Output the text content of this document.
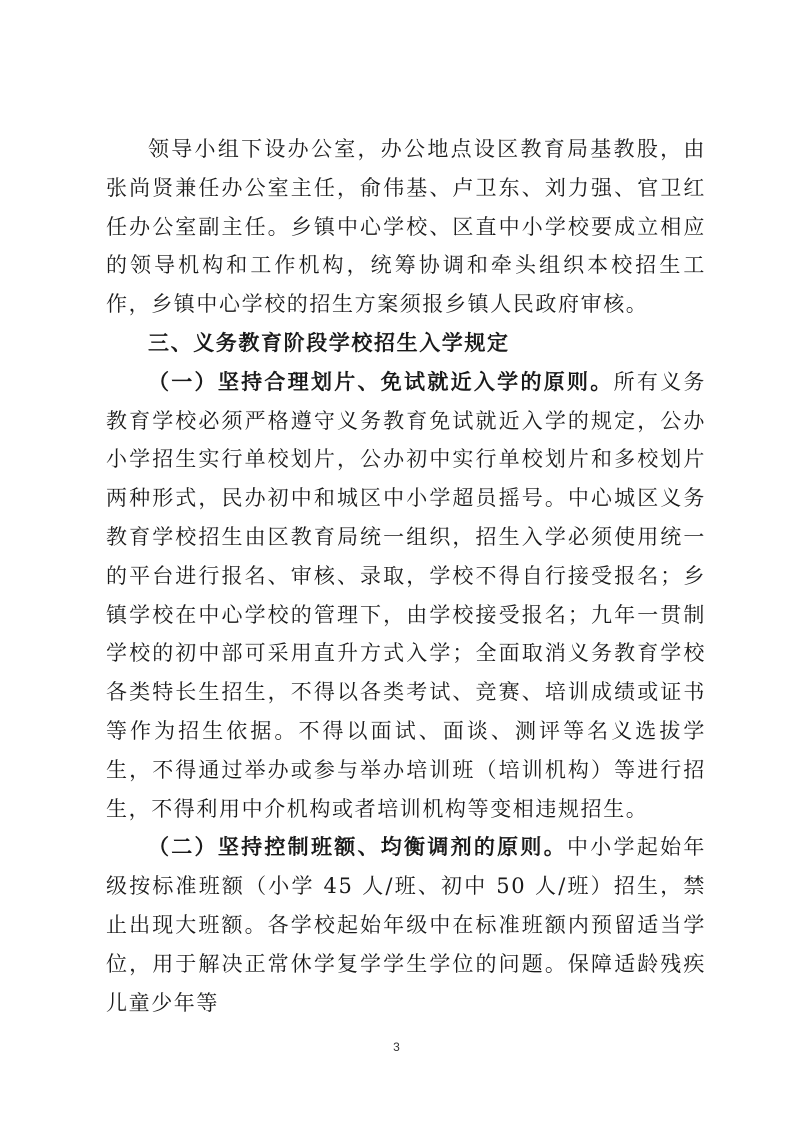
领导小组下设办公室，办公地点设区教育局基教股，由张尚贤兼任办公室主任，俞伟基、卢卫东、刘力强、官卫红任办公室副主任。乡镇中心学校、区直中小学校要成立相应的领导机构和工作机构，统筹协调和牵头组织本校招生工作，乡镇中心学校的招生方案须报乡镇人民政府审核。

三、义务教育阶段学校招生入学规定

（一）坚持合理划片、免试就近入学的原则。所有义务教育学校必须严格遵守义务教育免试就近入学的规定，公办小学招生实行单校划片，公办初中实行单校划片和多校划片两种形式，民办初中和城区中小学超员摇号。中心城区义务教育学校招生由区教育局统一组织，招生入学必须使用统一的平台进行报名、审核、录取，学校不得自行接受报名；乡镇学校在中心学校的管理下，由学校接受报名；九年一贯制学校的初中部可采用直升方式入学；全面取消义务教育学校各类特长生招生，不得以各类考试、竞赛、培训成绩或证书等作为招生依据。不得以面试、面谈、测评等名义选拔学生，不得通过举办或参与举办培训班（培训机构）等进行招生，不得利用中介机构或者培训机构等变相违规招生。

（二）坚持控制班额、均衡调剂的原则。中小学起始年级按标准班额（小学 45 人/班、初中 50 人/班）招生，禁止出现大班额。各学校起始年级中在标准班额内预留适当学位，用于解决正常休学复学学生学位的问题。保障适龄残疾儿童少年等

3
